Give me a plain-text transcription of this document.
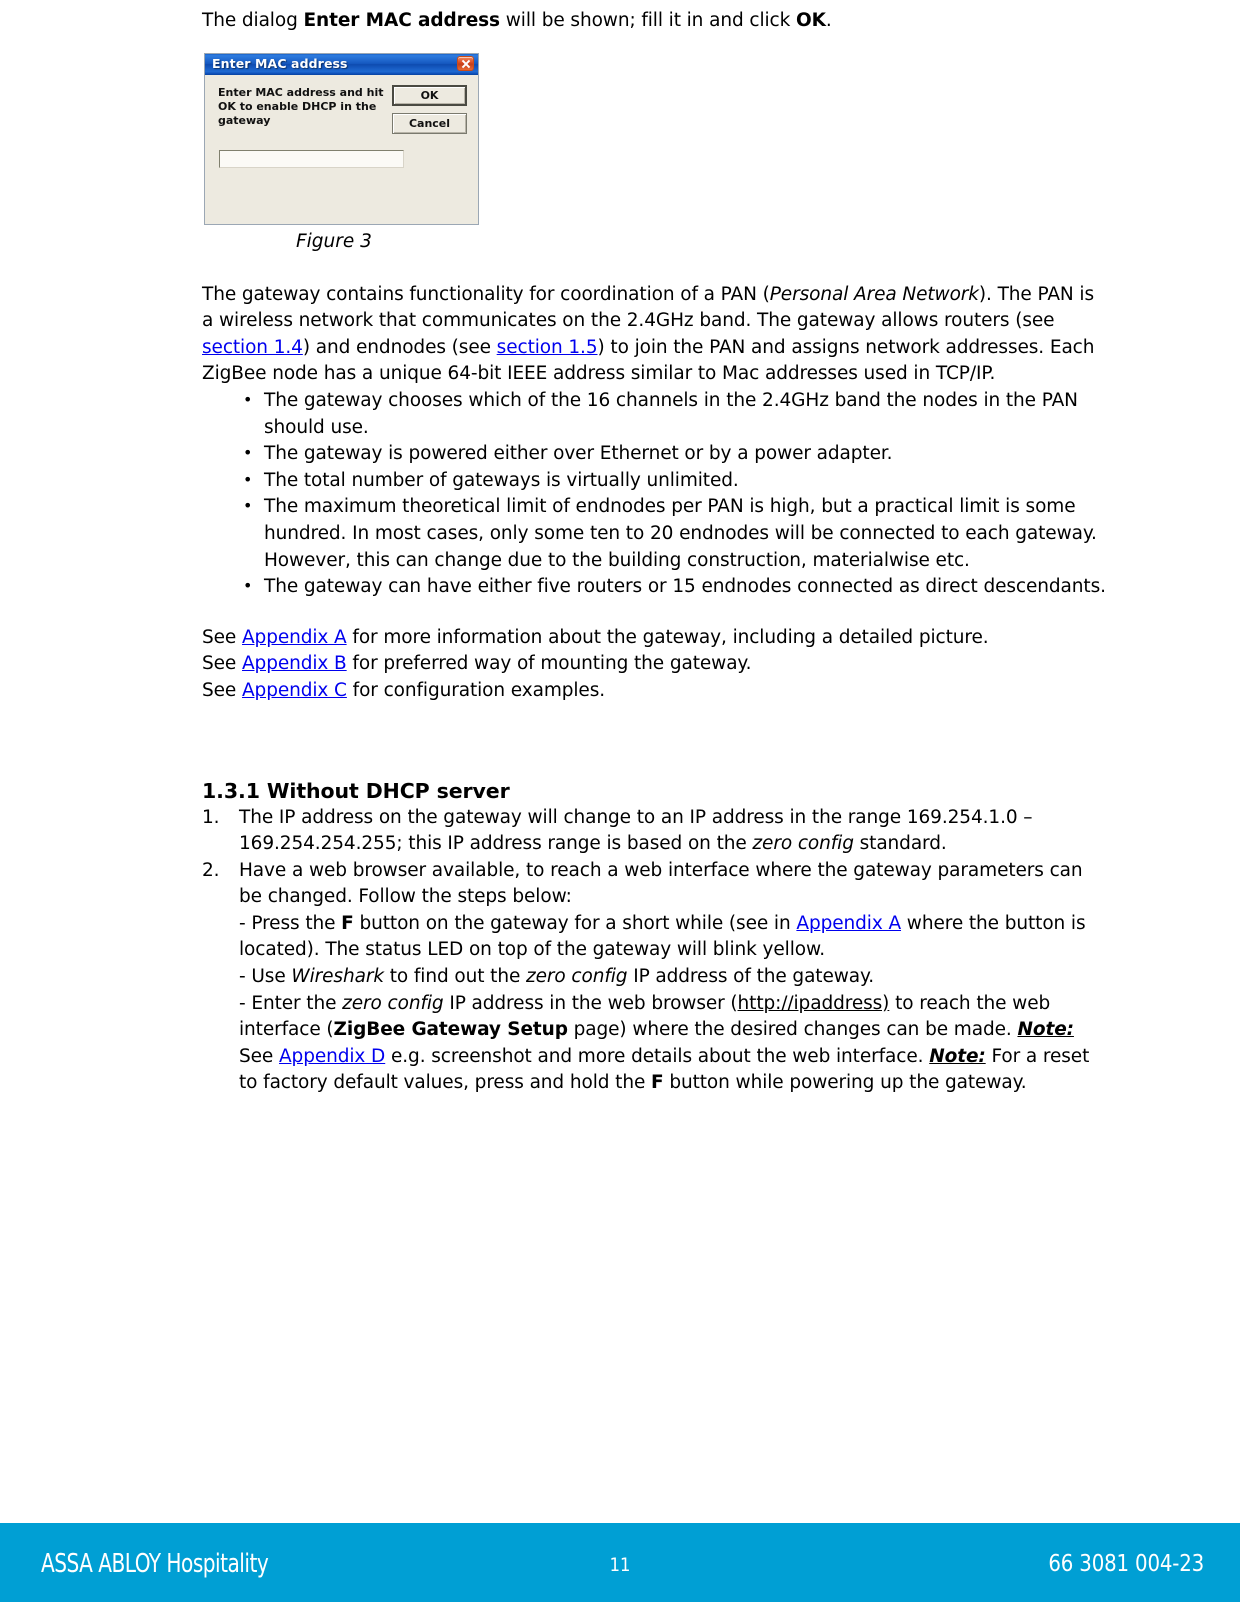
The dialog Enter MAC address will be shown; fill it in and click OK.

Enter MAC address
Enter MAC address and hit OK to enable DHCP in the gateway
OK
Cancel
Figure 3

The gateway contains functionality for coordination of a PAN (Personal Area Network). The PAN is a wireless network that communicates on the 2.4GHz band. The gateway allows routers (see section 1.4) and endnodes (see section 1.5) to join the PAN and assigns network addresses. Each ZigBee node has a unique 64-bit IEEE address similar to Mac addresses used in TCP/IP.

• The gateway chooses which of the 16 channels in the 2.4GHz band the nodes in the PAN should use.
• The gateway is powered either over Ethernet or by a power adapter.
• The total number of gateways is virtually unlimited.
• The maximum theoretical limit of endnodes per PAN is high, but a practical limit is some hundred. In most cases, only some ten to 20 endnodes will be connected to each gateway. However, this can change due to the building construction, materialwise etc.
• The gateway can have either five routers or 15 endnodes connected as direct descendants.

See Appendix A for more information about the gateway, including a detailed picture.

See Appendix B for preferred way of mounting the gateway.

See Appendix C for configuration examples.

1.3.1 Without DHCP server
The IP address on the gateway will change to an IP address in the range 169.254.1.0 – 169.254.254.255; this IP address range is based on the zero config standard.
Have a web browser available, to reach a web interface where the gateway parameters can be changed. Follow the steps below:
- Press the F button on the gateway for a short while (see in Appendix A where the button is located). The status LED on top of the gateway will blink yellow.
- Use Wireshark to find out the zero config IP address of the gateway.
- Enter the zero config IP address in the web browser (http://ipaddress) to reach the web interface (ZigBee Gateway Setup page) where the desired changes can be made. Note: See Appendix D e.g. screenshot and more details about the web interface. Note: For a reset to factory default values, press and hold the F button while powering up the gateway.
ASSA ABLOY Hospitality	11	66 3081 004-23
